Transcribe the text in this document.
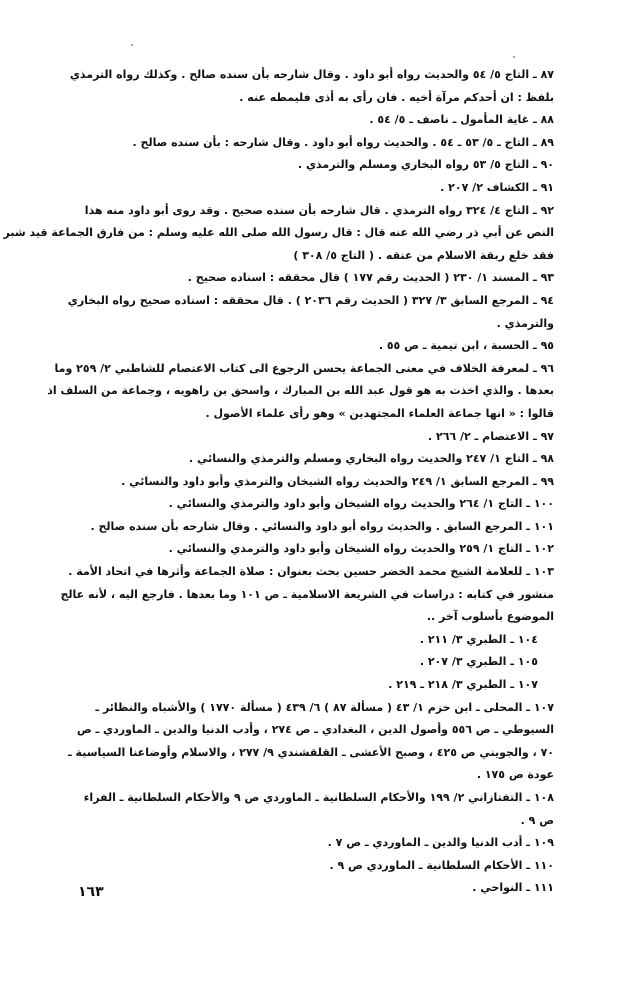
٨٧ ـ التاج ٥/ ٥٤ والحديث رواه أبو داود . وقال شارحه بأن سنده صالح . وكذلك رواه الترمذي
بلفظ : ان أحدكم مرآة أخيه . فان رأى به أذى فليمطه عنه .
٨٨ ـ غاية المأمول ـ ناصف ـ ٥/ ٥٤ .
٨٩ ـ التاج ـ ٥/ ٥٣ ـ ٥٤ . والحديث رواه أبو داود . وقال شارحه : بأن سنده صالح .
٩٠ ـ التاج ٥/ ٥٣ رواه البخاري ومسلم والترمذي .
٩١ ـ الكشاف ٢/ ٢٠٧ .
٩٢ ـ التاج ٤/ ٣٢٤ رواه الترمذي . قال شارحه بأن سنده صحيح . وقد روى أبو داود منه هذا
النص عن أبي ذر رضي الله عنه قال : قال رسول الله صلى الله عليه وسلم : من فارق الجماعة قيد شبر
فقد خلع ربقة الاسلام من عنقه . ( التاج ٥/ ٣٠٨ )
٩٣ ـ المسند ١/ ٢٣٠ ( الحديث رقم ١٧٧ ) قال محققه : اسناده صحيح .
٩٤ ـ المرجع السابق ٣/ ٣٢٧ ( الحديث رقم ٢٠٣٦ ) . قال محققه : اسناده صحيح رواه البخاري
والترمذي .
٩٥ ـ الحسبة ، ابن تيمية ـ ص ٥٥ .
٩٦ ـ لمعرفة الخلاف في معنى الجماعة يحسن الرجوع الى كتاب الاعتصام للشاطبي ٢/ ٢٥٩ وما
بعدها . والذي اخذت به هو قول عبد الله بن المبارك ، واسحق بن راهويه ، وجماعة من السلف اذ
قالوا : « انها جماعة العلماء المجتهدين » وهو رأى علماء الأصول .
٩٧ ـ الاعتصام ـ ٢/ ٢٦٦ .
٩٨ ـ التاج ١/ ٢٤٧ والحديث رواه البخاري ومسلم والترمذي والنسائي .
٩٩ ـ المرجع السابق ١/ ٢٤٩ والحديث رواه الشيخان والترمذي وأبو داود والنسائي .
١٠٠ ـ التاج ١/ ٢٦٤ والحديث رواه الشيخان وأبو داود والترمذي والنسائي .
١٠١ ـ المرجع السابق . والحديث رواه أبو داود والنسائي . وقال شارحه بأن سنده صالح .
١٠٢ ـ التاج ١/ ٢٥٩ والحديث رواه الشيخان وأبو داود والترمذي والنسائي .
١٠٣ ـ للعلامة الشيخ محمد الخضر حسين بحث بعنوان : صلاة الجماعة وأثرها في اتحاد الأمة .
منشور في كتابه : دراسات في الشريعة الاسلامية ـ ص ١٠١ وما بعدها . فارجع اليه ، لأنه عالج
الموضوع بأسلوب آخر ..
١٠٤ ـ الطبري ٣/ ٢١١ .
١٠٥ ـ الطبري ٣/ ٢٠٧ .
١٠٧ ـ الطبري ٣/ ٢١٨ ـ ٢١٩ .
١٠٧ ـ المحلى ـ ابن حزم ١/ ٤٣ ( مسألة ٨٧ ) ٦/ ٤٣٩ ( مسألة ١٧٧٠ ) والأشباه والنظائر ـ
السيوطي ـ ص ٥٥٦ وأصول الدين ، البغدادي ـ ص ٢٧٤ ، وأدب الدنيا والدين ـ الماوردي ـ ص
٧٠ ، والجويني ص ٤٢٥ ، وصبح الأعشى ـ القلقشندي ٩/ ٢٧٧ ، والاسلام وأوضاعنا السياسية ـ
عودة ص ١٧٥ .
١٠٨ ـ التفتازاني ٢/ ١٩٩ والأحكام السلطانية ـ الماوردي ص ٩ والأحكام السلطانية ـ الفراء
ص ٩ .
١٠٩ ـ أدب الدنيا والدين ـ الماوردي ـ ص ٧ .
١١٠ ـ الأحكام السلطانية ـ الماوردي ص ٩ .
١١١ ـ النواحي .
١٦٣
